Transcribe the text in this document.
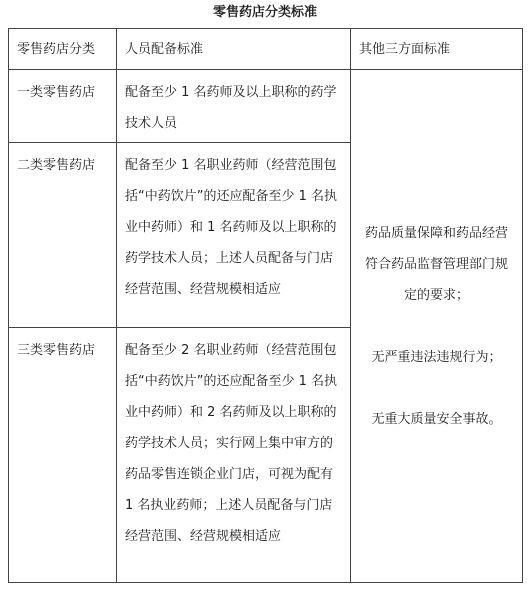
零售药店分类标准
零售药店分类	人员配备标准	其他三方面标准

一类零售药店	配备至少 1 名药师及以上职称的药学技术人员	药品质量保障和药品经营符合药品监督管理部门规定的要求；

无严重违法违规行为；

无重大质量安全事故。

二类零售药店	配备至少 1 名职业药师（经营范围包括“中药饮片”的还应配备至少 1 名执业中药师）和 1 名药师及以上职称的药学技术人员；上述人员配备与门店经营范围、经营规模相适应	

三类零售药店	配备至少 2 名职业药师（经营范围包括“中药饮片”的还应配备至少 1 名执业中药师）和 2 名药师及以上职称的药学技术人员；实行网上集中审方的药品零售连锁企业门店，可视为配有 1 名执业药师；上述人员配备与门店经营范围、经营规模相适应	
